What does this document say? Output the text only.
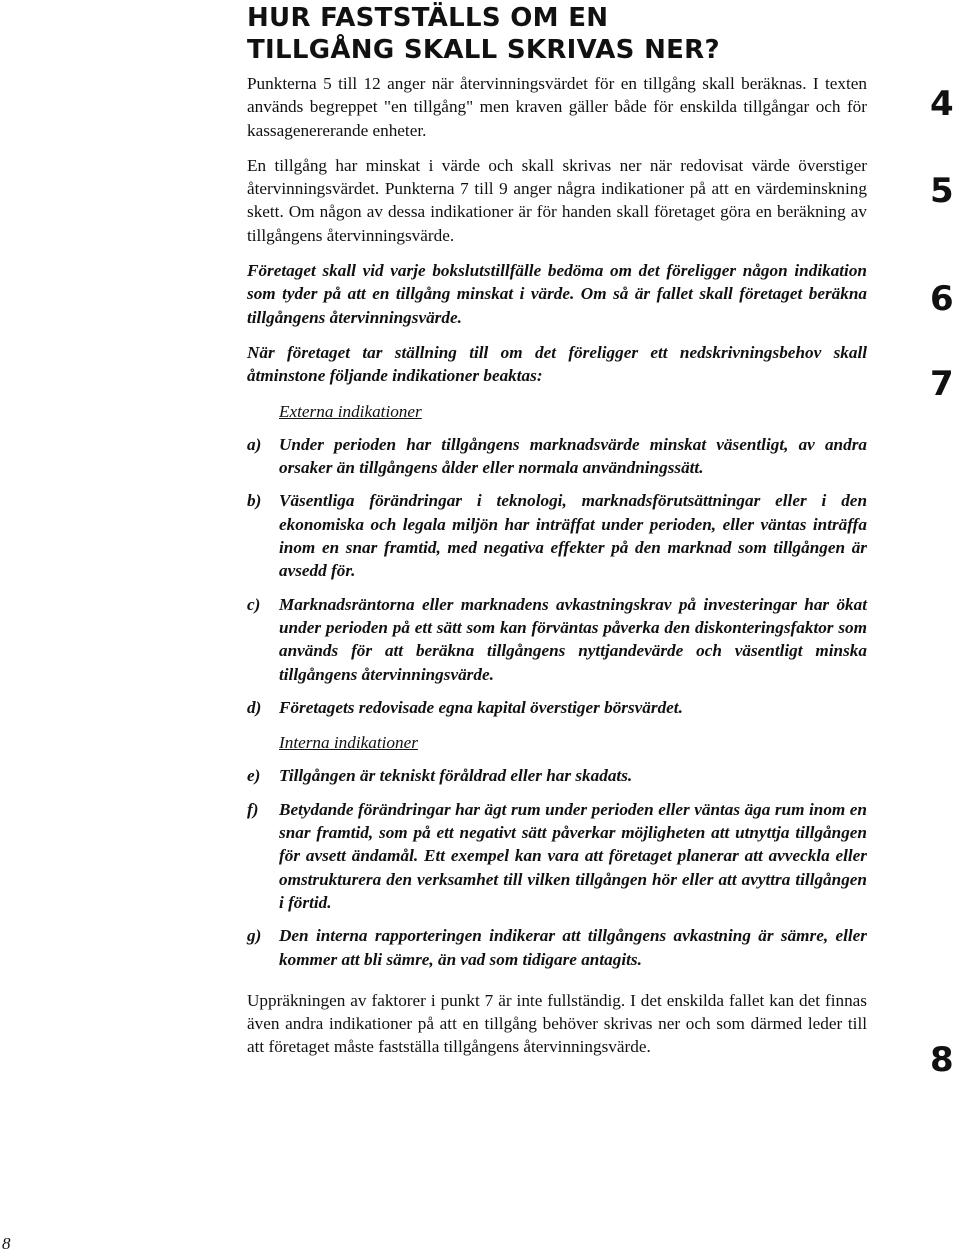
HUR FASTSTÄLLS OM EN
TILLGÅNG SKALL SKRIVAS NER?

Punkterna 5 till 12 anger när återvinningsvärdet för en tillgång skall beräknas. I texten används begreppet "en tillgång" men kraven gäller både för enskilda tillgångar och för kassagenererande enheter.

En tillgång har minskat i värde och skall skrivas ner när redovisat värde överstiger återvinningsvärdet. Punkterna 7 till 9 anger några indikationer på att en värdeminskning skett. Om någon av dessa indikationer är för handen skall företaget göra en beräkning av tillgångens återvinningsvärde.

Företaget skall vid varje bokslutstillfälle bedöma om det föreligger någon indikation som tyder på att en tillgång minskat i värde. Om så är fallet skall företaget beräkna tillgångens återvinningsvärde.

När företaget tar ställning till om det föreligger ett nedskrivningsbehov skall åtminstone följande indikationer beaktas:

Externa indikationer

a) Under perioden har tillgångens marknadsvärde minskat väsentligt, av andra orsaker än tillgångens ålder eller normala användningssätt.
b) Väsentliga förändringar i teknologi, marknadsförutsättningar eller i den ekonomiska och legala miljön har inträffat under perioden, eller väntas inträffa inom en snar framtid, med negativa effekter på den marknad som tillgången är avsedd för.
c) Marknadsräntorna eller marknadens avkastningskrav på investeringar har ökat under perioden på ett sätt som kan förväntas påverka den diskonteringsfaktor som används för att beräkna tillgångens nyttjandevärde och väsentligt minska tillgångens återvinningsvärde.
d) Företagets redovisade egna kapital överstiger börsvärdet.

Interna indikationer

e) Tillgången är tekniskt föråldrad eller har skadats.
f) Betydande förändringar har ägt rum under perioden eller väntas äga rum inom en snar framtid, som på ett negativt sätt påverkar möjligheten att utnyttja tillgången för avsett ändamål. Ett exempel kan vara att företaget planerar att avveckla eller omstrukturera den verksamhet till vilken tillgången hör eller att avyttra tillgången i förtid.
g) Den interna rapporteringen indikerar att tillgångens avkastning är sämre, eller kommer att bli sämre, än vad som tidigare antagits.

Uppräkningen av faktorer i punkt 7 är inte fullständig. I det enskilda fallet kan det finnas även andra indikationer på att en tillgång behöver skrivas ner och som därmed leder till att företaget måste fastställa tillgångens återvinningsvärde.

4
5
6
7
8
8
